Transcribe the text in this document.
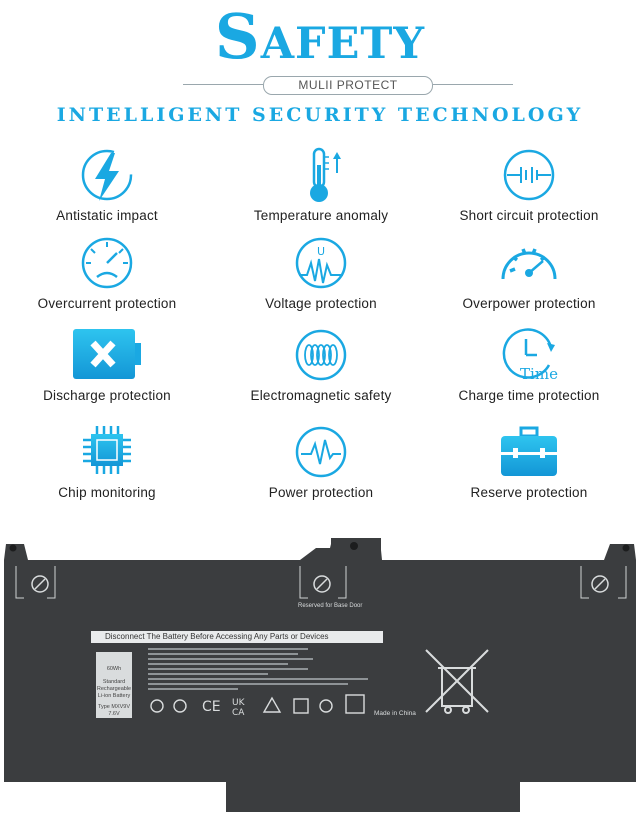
Safety
MULII PROTECT
INTELLIGENT SECURITY TECHNOLOGY
Antistatic impact	Temperature anomaly	Short circuit protection
Overcurrent protection
U
Voltage protection	Overpower protection
Discharge protection	Electromagnetic safety
Time
Charge time protection
Chip monitoring	Power protection	Reserve protection
CE UK
CA
Disconnect The Battery Before Accessing Any Parts or Devices
Reserved for Base Door
Made in China
60Wh
Standard
Rechargeable
Li-ion Battery
Type MXV9V
7.6V
